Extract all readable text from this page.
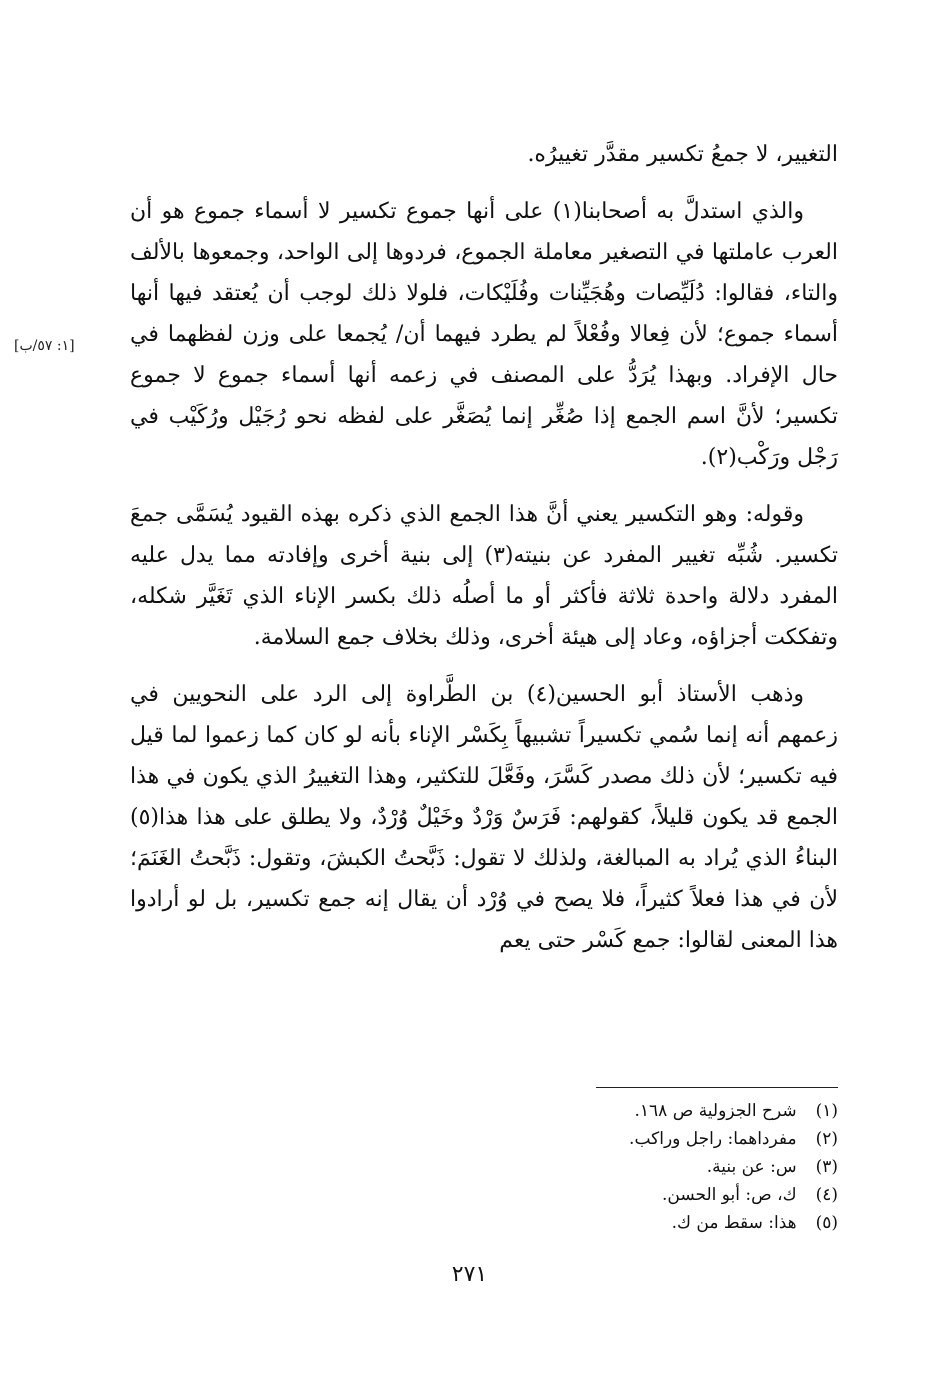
التغيير، لا جمعُ تكسير مقدَّر تغييرُه.

والذي استدلَّ به أصحابنا(١) على أنها جموع تكسير لا أسماء جموع هو أن العرب عاملتها في التصغير معاملة الجموع، فردوها إلى الواحد، وجمعوها بالألف والتاء، فقالوا: دُلَيِّصات وهُجَيِّنات وفُلَيْكات، فلولا ذلك لوجب أن يُعتقد فيها أنها أسماء جموع؛ لأن فِعالا وفُعْلاً لم يطرد فيهما أن/ يُجمعا على وزن لفظهما في حال الإفراد. وبهذا يُرَدُّ على المصنف في زعمه أنها أسماء جموع لا جموع تكسير؛ لأنَّ اسم الجمع إذا صُغِّر إنما يُصَغَّر على لفظه نحو رُجَيْل ورُكَيْب في رَجْل ورَكْب(٢).

وقوله: وهو التكسير يعني أنَّ هذا الجمع الذي ذكره بهذه القيود يُسَمَّى جمعَ تكسير. شُبِّه تغيير المفرد عن بنيته(٣) إلى بنية أخرى وإفادته مما يدل عليه المفرد دلالة واحدة ثلاثة فأكثر أو ما أصلُه ذلك بكسر الإناء الذي تَغَيَّر شكله، وتفككت أجزاؤه، وعاد إلى هيئة أخرى، وذلك بخلاف جمع السلامة.

وذهب الأستاذ أبو الحسين(٤) بن الطَّراوة إلى الرد على النحويين في زعمهم أنه إنما سُمي تكسيراً تشبيهاً بِكَسْر الإناء بأنه لو كان كما زعموا لما قيل فيه تكسير؛ لأن ذلك مصدر كَسَّرَ، وفَعَّلَ للتكثير، وهذا التغييرُ الذي يكون في هذا الجمع قد يكون قليلاً، كقولهم: فَرَسٌ وَرْدٌ وخَيْلٌ وُرْدٌ، ولا يطلق على هذا هذا(٥) البناءُ الذي يُراد به المبالغة، ولذلك لا تقول: ذَبَّحتُ الكبشَ، وتقول: ذَبَّحتُ الغَنَمَ؛ لأن في هذا فعلاً كثيراً، فلا يصح في وُرْد أن يقال إنه جمع تكسير، بل لو أرادوا هذا المعنى لقالوا: جمع كَسْر حتى يعم

[١: ٥٧/ب]
(١) شرح الجزولية ص ١٦٨.
(٢) مفرداهما: راجل وراكب.
(٣) س: عن بنية.
(٤) ك، ص: أبو الحسن.
(٥) هذا: سقط من ك.
٢٧١
